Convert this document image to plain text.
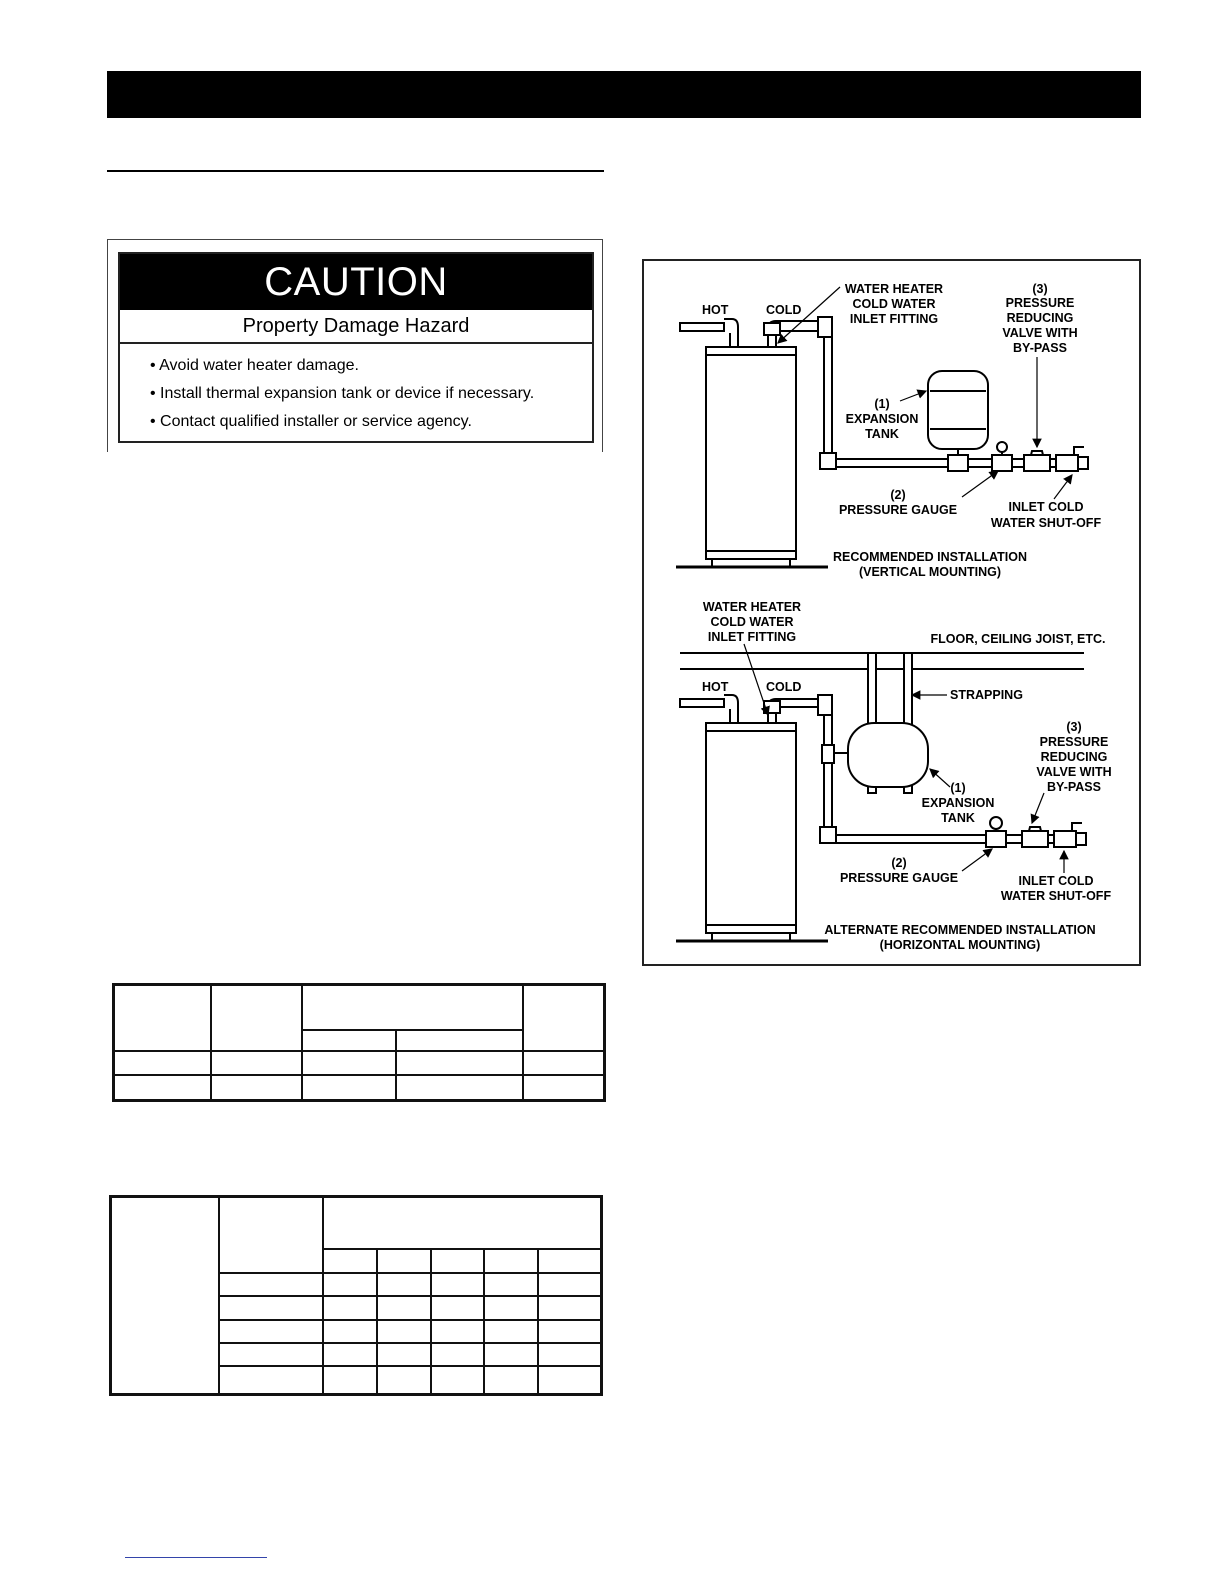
CAUTION
Property Damage Hazard
• Avoid water heater damage.
• Install thermal expansion tank or device if necessary.
• Contact qualified installer or service agency.
HOT	COLD
WATER HEATER
COLD WATER
INLET FITTING
(3)
PRESSURE
REDUCING
VALVE WITH
BY-PASS
(1)
EXPANSION
TANK
(2)
PRESSURE GAUGE	INLET COLD
WATER SHUT-OFF
RECOMMENDED INSTALLATION
(VERTICAL MOUNTING)
WATER HEATER
COLD WATER
INLET FITTING	FLOOR, CEILING JOIST, ETC.
HOT	COLD
STRAPPING
(3)
PRESSURE
REDUCING
VALVE WITH
BY-PASS
(1)
EXPANSION
TANK
(2)
PRESSURE GAUGE	INLET COLD
WATER SHUT-OFF
ALTERNATE RECOMMENDED INSTALLATION
(HORIZONTAL MOUNTING)
